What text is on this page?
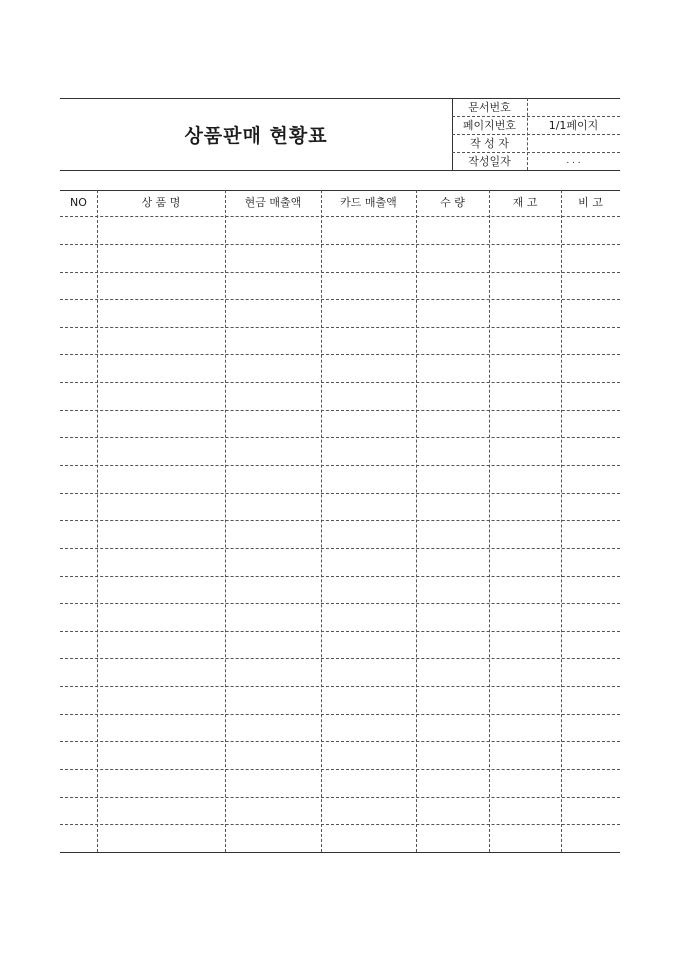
상품판매 현황표
문서번호
페이지번호	1/1페이지
작 성 자
작성일자	. . .
NO	상 품 명	현금 매출액	카드 매출액	수 량	재 고	비 고
